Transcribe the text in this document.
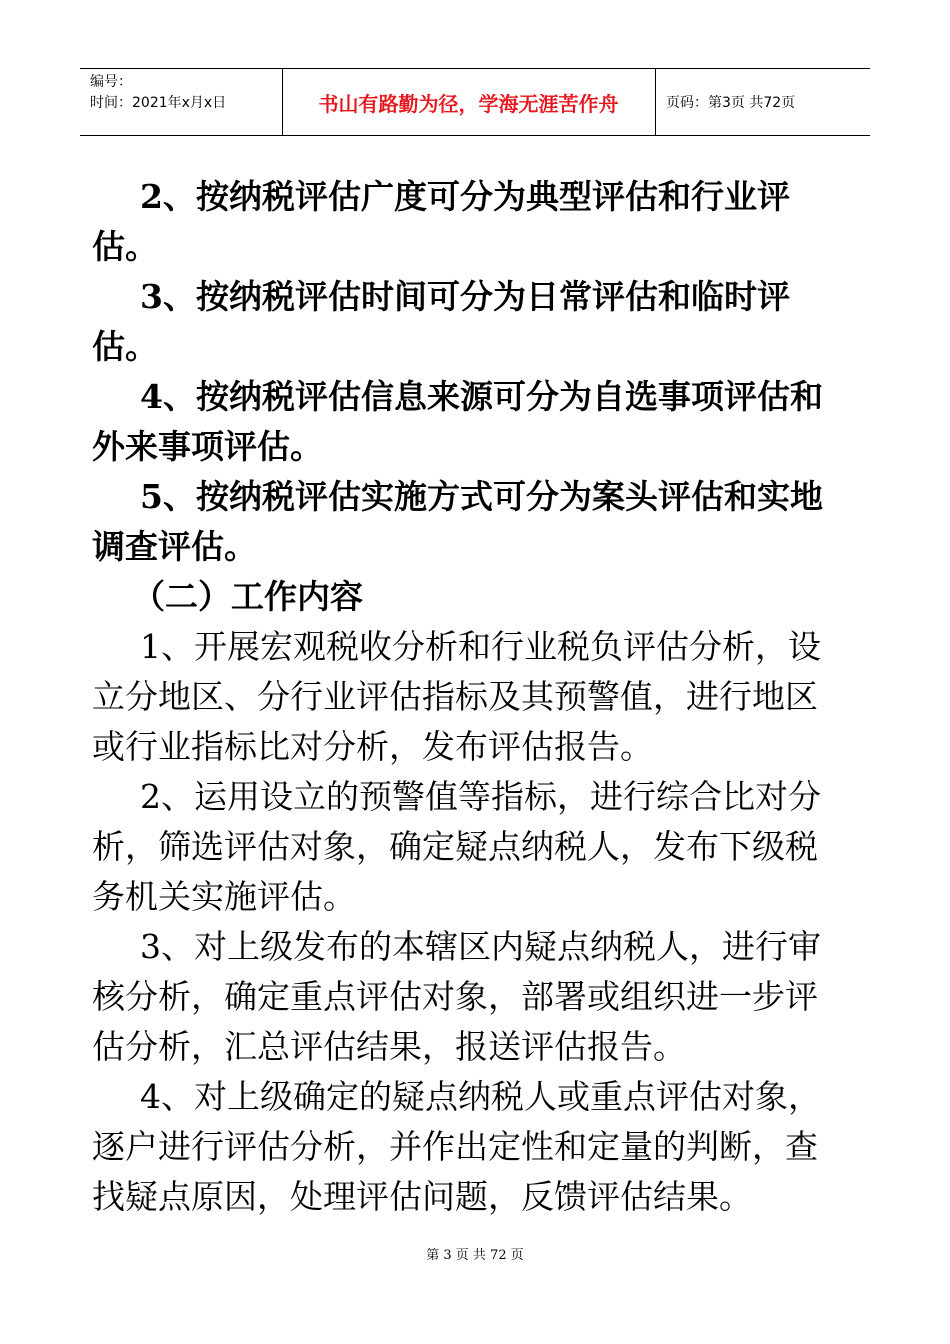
编号：
时间：2021年x月x日	书山有路勤为径，学海无涯苦作舟	页码：第3页 共72页

2、按纳税评估广度可分为典型评估和行业评估。

3、按纳税评估时间可分为日常评估和临时评估。

4、按纳税评估信息来源可分为自选事项评估和外来事项评估。

5、按纳税评估实施方式可分为案头评估和实地调查评估。

（二）工作内容

1、开展宏观税收分析和行业税负评估分析，设立分地区、分行业评估指标及其预警值，进行地区或行业指标比对分析，发布评估报告。

2、运用设立的预警值等指标，进行综合比对分析，筛选评估对象，确定疑点纳税人，发布下级税务机关实施评估。

3、对上级发布的本辖区内疑点纳税人，进行审核分析，确定重点评估对象，部署或组织进一步评估分析，汇总评估结果，报送评估报告。

4、对上级确定的疑点纳税人或重点评估对象，逐户进行评估分析，并作出定性和定量的判断，查找疑点原因，处理评估问题，反馈评估结果。

第 3 页 共 72 页
